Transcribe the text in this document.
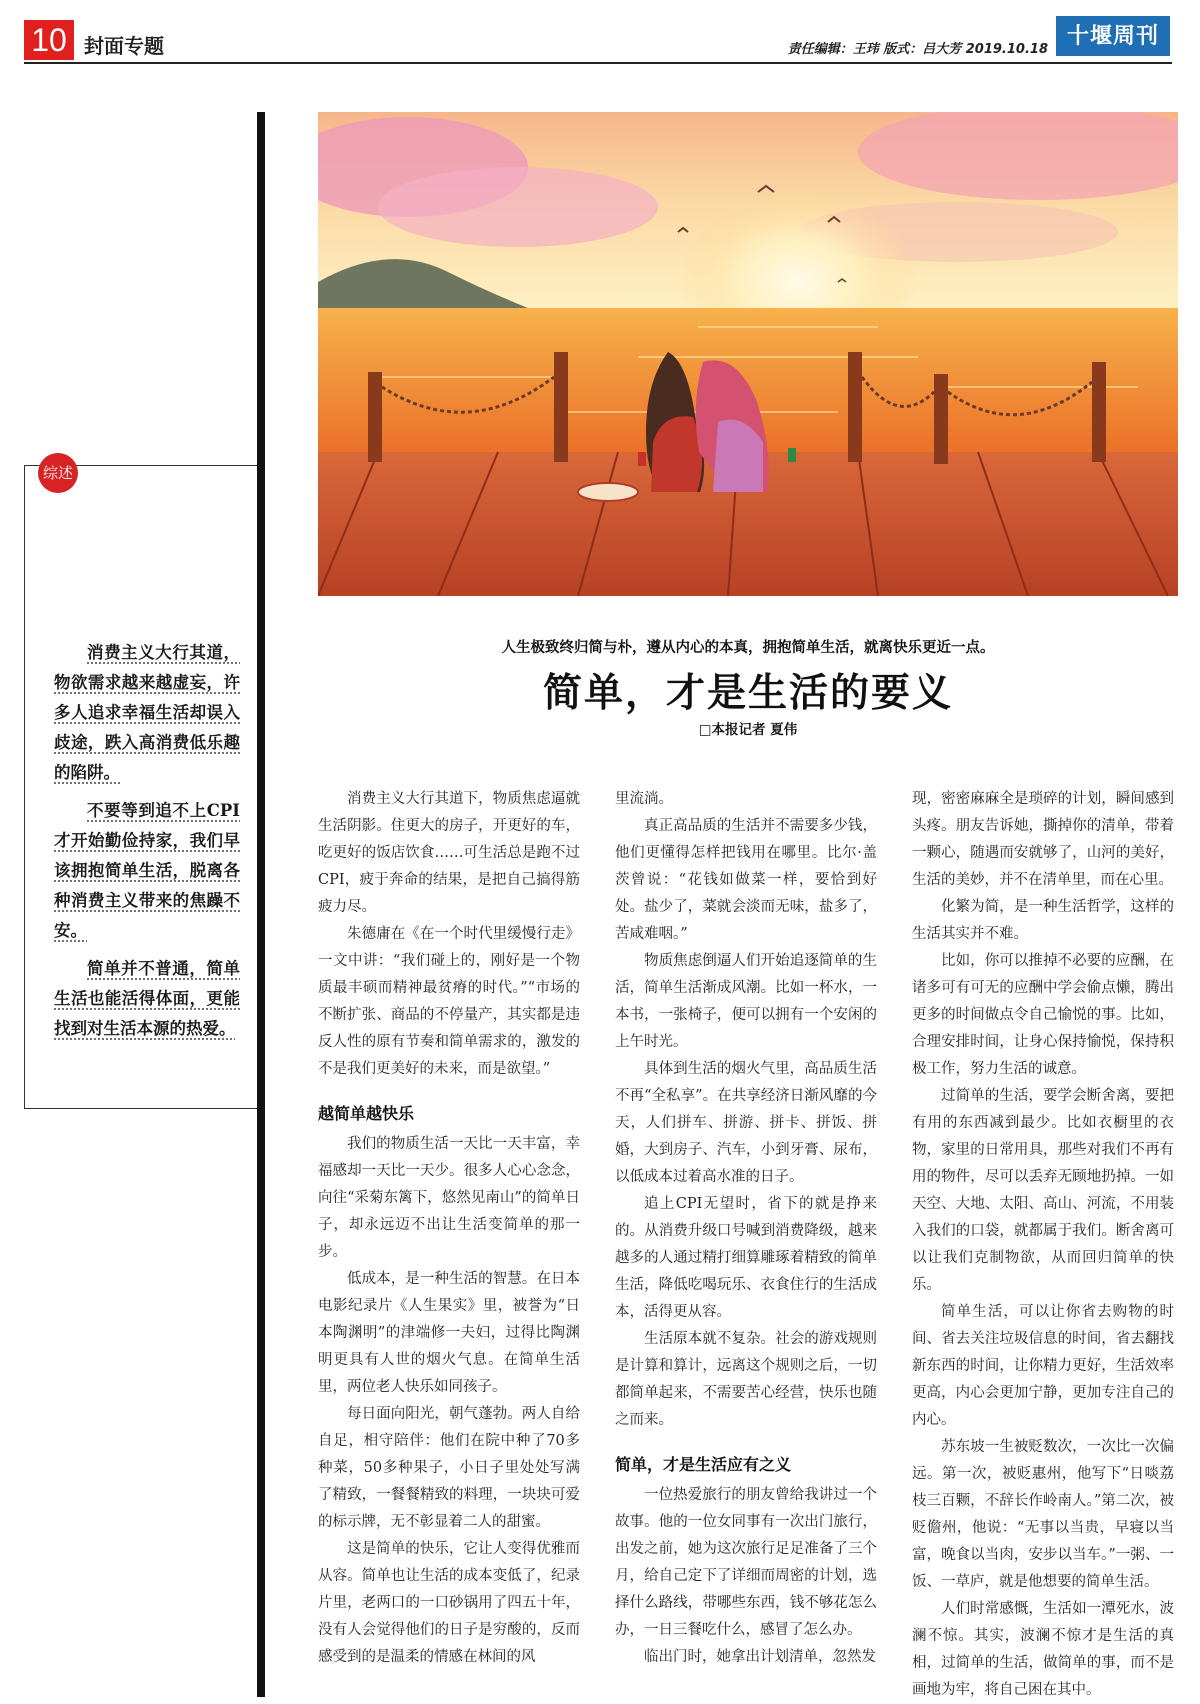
10 封面专题	责任编辑：王玮 版式：吕大芳 2019.10.18
十堰周刊
综述

消费主义大行其道，物欲需求越来越虚妄，许多人追求幸福生活却误入歧途，跌入高消费低乐趣的陷阱。

不要等到追不上CPI才开始勤俭持家，我们早该拥抱简单生活，脱离各种消费主义带来的焦躁不安。

简单并不普通，简单生活也能活得体面，更能找到对生活本源的热爱。

人生极致终归简与朴，遵从内心的本真，拥抱简单生活，就离快乐更近一点。
简单，才是生活的要义
□本报记者 夏伟

消费主义大行其道下，物质焦虑逼就生活阴影。住更大的房子，开更好的车，吃更好的饭店饮食……可生活总是跑不过CPI，疲于奔命的结果，是把自己搞得筋疲力尽。

朱德庸在《在一个时代里缓慢行走》一文中讲：“我们碰上的，刚好是一个物质最丰硕而精神最贫瘠的时代。”“市场的不断扩张、商品的不停量产，其实都是违反人性的原有节奏和简单需求的，激发的不是我们更美好的未来，而是欲望。”

越简单越快乐

我们的物质生活一天比一天丰富，幸福感却一天比一天少。很多人心心念念，向往“采菊东篱下，悠然见南山”的简单日子，却永远迈不出让生活变简单的那一步。

低成本，是一种生活的智慧。在日本电影纪录片《人生果实》里，被誉为“日本陶渊明”的津端修一夫妇，过得比陶渊明更具有人世的烟火气息。在简单生活里，两位老人快乐如同孩子。

每日面向阳光，朝气蓬勃。两人自给自足，相守陪伴：他们在院中种了70多种菜，50多种果子，小日子里处处写满了精致，一餐餐精致的料理，一块块可爱的标示牌，无不彰显着二人的甜蜜。

这是简单的快乐，它让人变得优雅而从容。简单也让生活的成本变低了，纪录片里，老两口的一口砂锅用了四五十年，没有人会觉得他们的日子是穷酸的，反而感受到的是温柔的情感在林间的风

里流淌。

真正高品质的生活并不需要多少钱，他们更懂得怎样把钱用在哪里。比尔·盖茨曾说：“花钱如做菜一样，要恰到好处。盐少了，菜就会淡而无味，盐多了，苦咸难咽。”

物质焦虑倒逼人们开始追逐简单的生活，简单生活渐成风潮。比如一杯水，一本书，一张椅子，便可以拥有一个安闲的上午时光。

具体到生活的烟火气里，高品质生活不再“全私享”。在共享经济日渐风靡的今天，人们拼车、拼游、拼卡、拼饭、拼婚，大到房子、汽车，小到牙膏、尿布，以低成本过着高水准的日子。

追上CPI无望时，省下的就是挣来的。从消费升级口号喊到消费降级，越来越多的人通过精打细算雕琢着精致的简单生活，降低吃喝玩乐、衣食住行的生活成本，活得更从容。

生活原本就不复杂。社会的游戏规则是计算和算计，远离这个规则之后，一切都简单起来，不需要苦心经营，快乐也随之而来。

简单，才是生活应有之义

一位热爱旅行的朋友曾给我讲过一个故事。他的一位女同事有一次出门旅行，出发之前，她为这次旅行足足准备了三个月，给自己定下了详细而周密的计划，选择什么路线，带哪些东西，钱不够花怎么办，一日三餐吃什么，感冒了怎么办。

临出门时，她拿出计划清单，忽然发

现，密密麻麻全是琐碎的计划，瞬间感到头疼。朋友告诉她，撕掉你的清单，带着一颗心，随遇而安就够了，山河的美好，生活的美妙，并不在清单里，而在心里。

化繁为简，是一种生活哲学，这样的生活其实并不难。

比如，你可以推掉不必要的应酬，在诸多可有可无的应酬中学会偷点懒，腾出更多的时间做点令自己愉悦的事。比如，合理安排时间，让身心保持愉悦，保持积极工作，努力生活的诚意。

过简单的生活，要学会断舍离，要把有用的东西减到最少。比如衣橱里的衣物，家里的日常用具，那些对我们不再有用的物件，尽可以丢弃无顾地扔掉。一如天空、大地、太阳、高山、河流，不用装入我们的口袋，就都属于我们。断舍离可以让我们克制物欲，从而回归简单的快乐。

简单生活，可以让你省去购物的时间、省去关注垃圾信息的时间，省去翻找新东西的时间，让你精力更好，生活效率更高，内心会更加宁静，更加专注自己的内心。

苏东坡一生被贬数次，一次比一次偏远。第一次，被贬惠州，他写下“日啖荔枝三百颗，不辞长作岭南人。”第二次，被贬儋州，他说：“无事以当贵，早寝以当富，晚食以当肉，安步以当车。”一粥、一饭、一草庐，就是他想要的简单生活。

人们时常感慨，生活如一潭死水，波澜不惊。其实，波澜不惊才是生活的真相，过简单的生活，做简单的事，而不是画地为牢，将自己困在其中。
